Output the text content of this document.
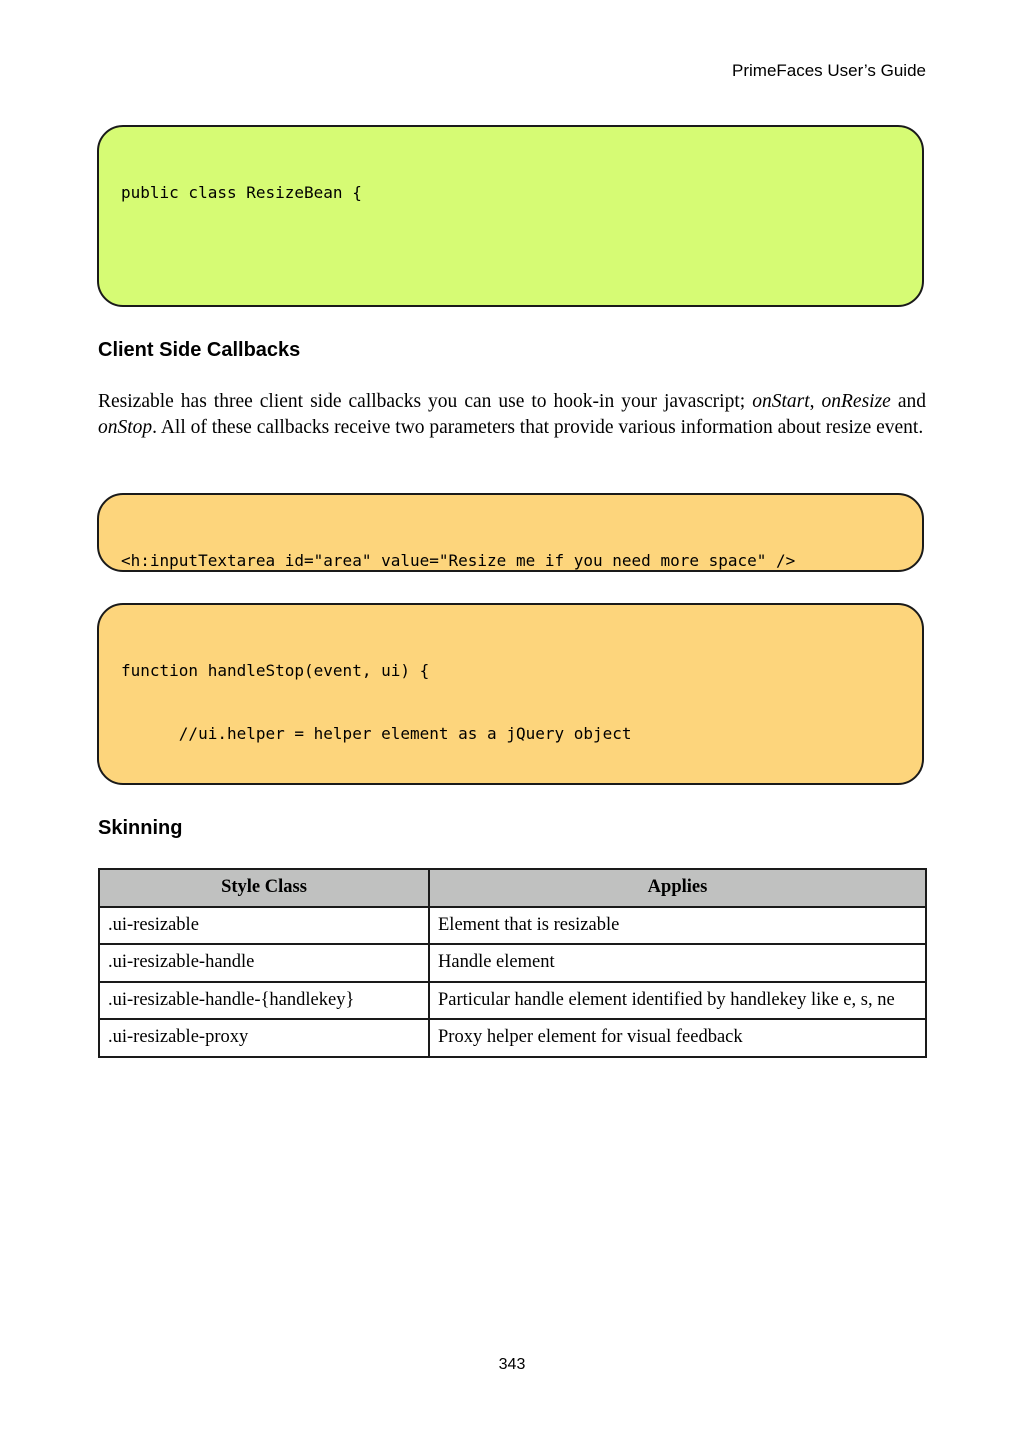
PrimeFaces User’s Guide

public class ResizeBean {

Client Side Callbacks

Resizable has three client side callbacks you can use to hook-in your javascript; onStart, onResize and onStop. All of these callbacks receive two parameters that provide various information about resize event.

<h:inputTextarea id="area" value="Resize me if you need more space" />

function handleStop(event, ui) {

//ui.helper = helper element as a jQuery object

Skinning
Style Class	Applies
.ui-resizable	Element that is resizable
.ui-resizable-handle	Handle element
.ui-resizable-handle-{handlekey}	Particular handle element identified by handlekey like e, s, ne
.ui-resizable-proxy	Proxy helper element for visual feedback
343
